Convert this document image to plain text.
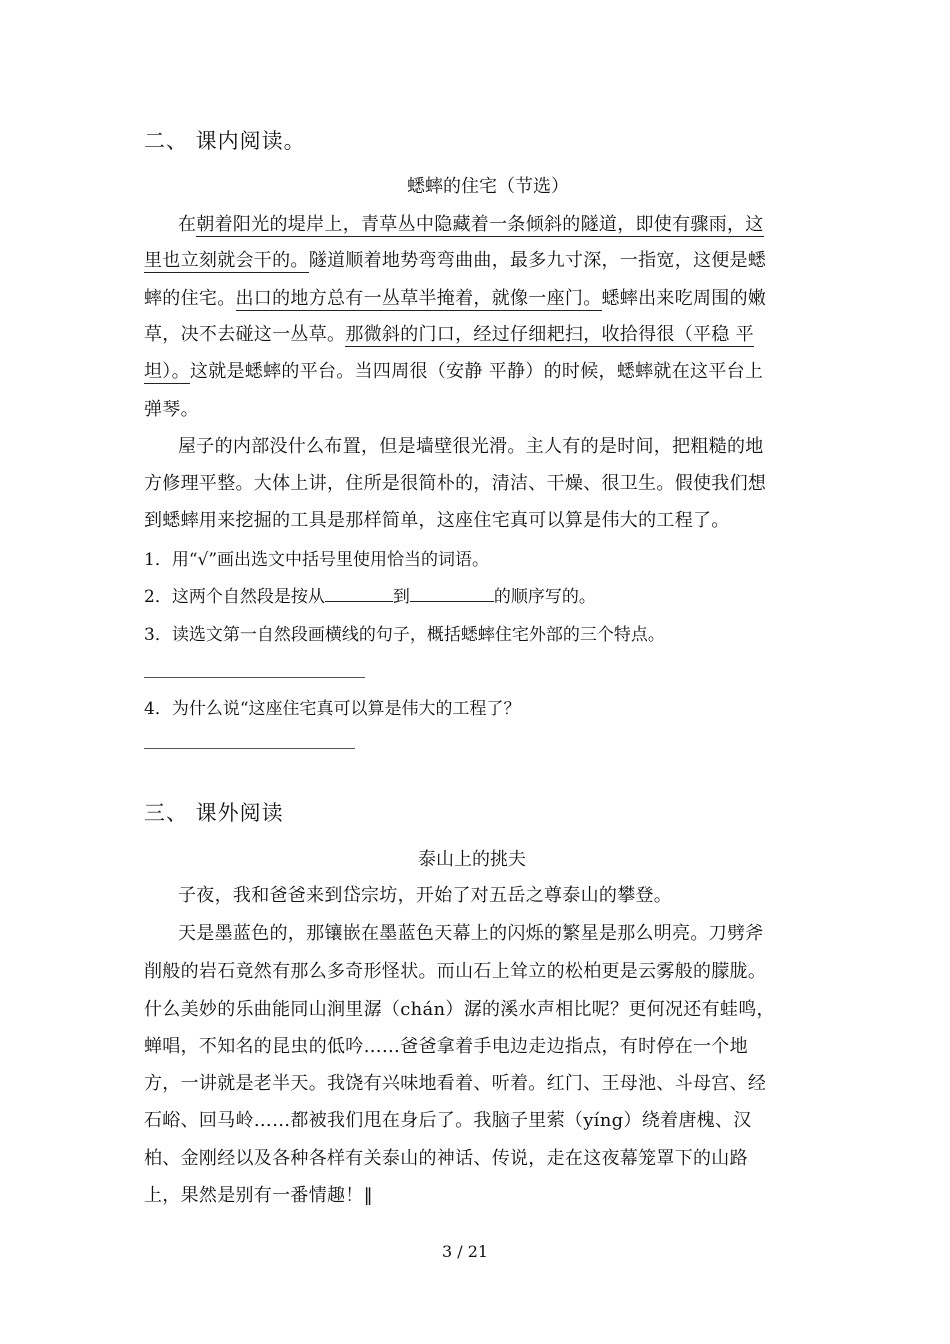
二、 课内阅读。
蟋蟀的住宅（节选）
在朝着阳光的堤岸上，青草丛中隐藏着一条倾斜的隧道，即使有骤雨，这
里也立刻就会干的。隧道顺着地势弯弯曲曲，最多九寸深，一指宽，这便是蟋
蟀的住宅。出口的地方总有一丛草半掩着，就像一座门。蟋蟀出来吃周围的嫩
草，决不去碰这一丛草。那微斜的门口，经过仔细耙扫，收拾得很（平稳 平
坦）。这就是蟋蟀的平台。当四周很（安静 平静）的时候，蟋蟀就在这平台上
弹琴。
屋子的内部没什么布置，但是墙壁很光滑。主人有的是时间，把粗糙的地
方修理平整。大体上讲，住所是很简朴的，清洁、干燥、很卫生。假使我们想
到蟋蟀用来挖掘的工具是那样简单，这座住宅真可以算是伟大的工程了。
1．用“√”画出选文中括号里使用恰当的词语。
2．这两个自然段是按从	到	的顺序写的。
3．读选文第一自然段画横线的句子，概括蟋蟀住宅外部的三个特点。
4．为什么说“这座住宅真可以算是伟大的工程了？
三、 课外阅读
泰山上的挑夫
子夜，我和爸爸来到岱宗坊，开始了对五岳之尊泰山的攀登。
天是墨蓝色的，那镶嵌在墨蓝色天幕上的闪烁的繁星是那么明亮。刀劈斧
削般的岩石竟然有那么多奇形怪状。而山石上耸立的松柏更是云雾般的朦胧。
什么美妙的乐曲能同山涧里潺（chán）潺的溪水声相比呢？更何况还有蛙鸣，
蝉唱，不知名的昆虫的低吟……爸爸拿着手电边走边指点，有时停在一个地
方，一讲就是老半天。我饶有兴味地看着、听着。红门、王母池、斗母宫、经
石峪、回马岭……都被我们甩在身后了。我脑子里萦（yíng）绕着唐槐、汉
柏、金刚经以及各种各样有关泰山的神话、传说，走在这夜幕笼罩下的山路
上，果然是别有一番情趣！‖
3 / 21
